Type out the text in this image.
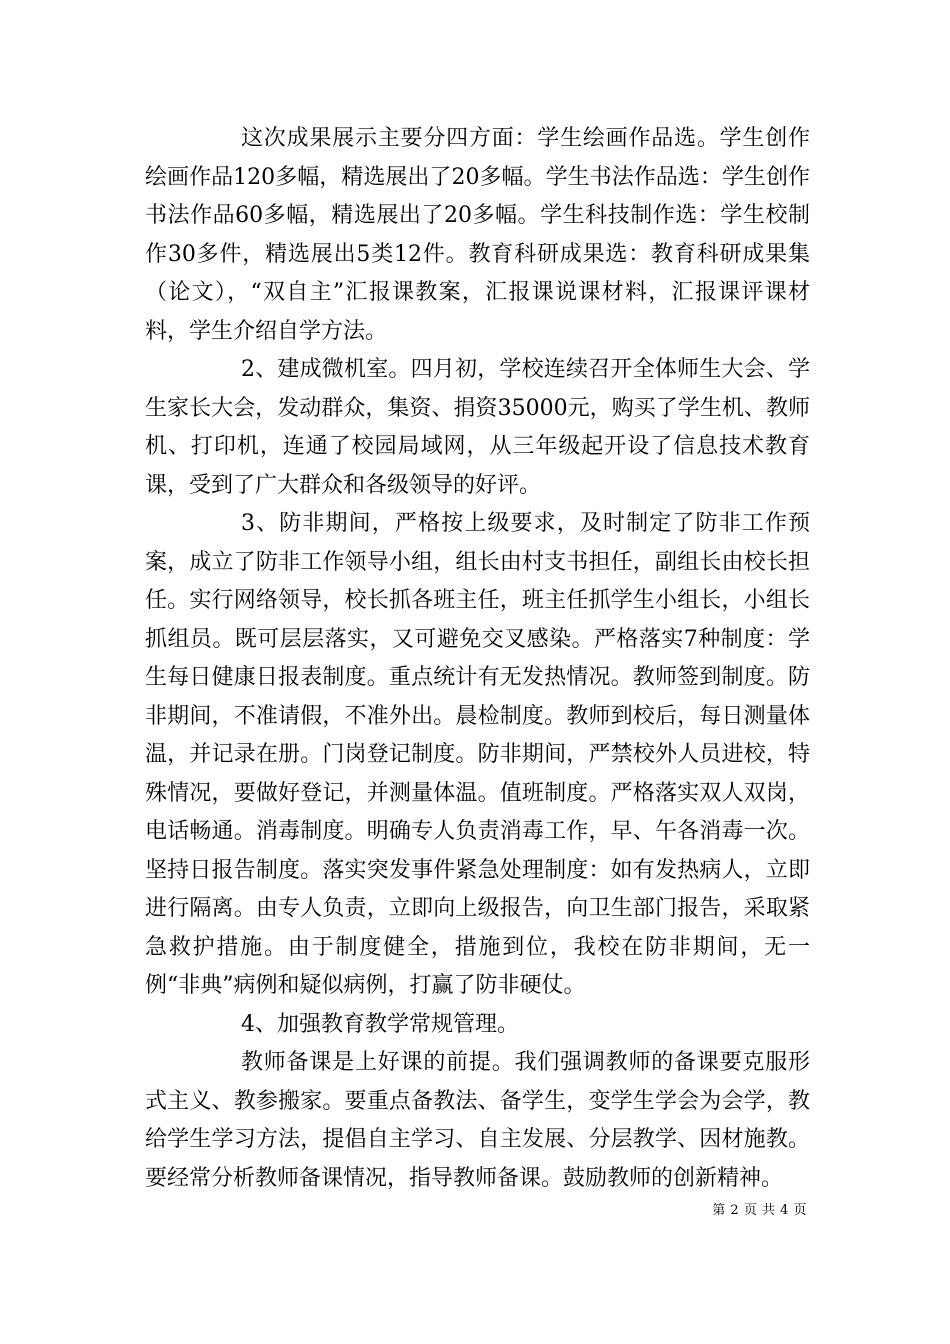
这次成果展示主要分四方面：学生绘画作品选。学生创作绘画作品120多幅，精选展出了20多幅。学生书法作品选：学生创作书法作品60多幅，精选展出了20多幅。学生科技制作选：学生校制作30多件，精选展出5类12件。教育科研成果选：教育科研成果集（论文），“双自主”汇报课教案，汇报课说课材料，汇报课评课材料，学生介绍自学方法。

2、建成微机室。四月初，学校连续召开全体师生大会、学生家长大会，发动群众，集资、捐资35000元，购买了学生机、教师机、打印机，连通了校园局域网，从三年级起开设了信息技术教育课，受到了广大群众和各级领导的好评。

3、防非期间，严格按上级要求，及时制定了防非工作预案，成立了防非工作领导小组，组长由村支书担任，副组长由校长担任。实行网络领导，校长抓各班主任，班主任抓学生小组长，小组长抓组员。既可层层落实，又可避免交叉感染。严格落实7种制度：学生每日健康日报表制度。重点统计有无发热情况。教师签到制度。防非期间，不准请假，不准外出。晨检制度。教师到校后，每日测量体温，并记录在册。门岗登记制度。防非期间，严禁校外人员进校，特殊情况，要做好登记，并测量体温。值班制度。严格落实双人双岗，电话畅通。消毒制度。明确专人负责消毒工作，早、午各消毒一次。坚持日报告制度。落实突发事件紧急处理制度：如有发热病人，立即进行隔离。由专人负责，立即向上级报告，向卫生部门报告，采取紧急救护措施。由于制度健全，措施到位，我校在防非期间，无一例“非典”病例和疑似病例，打赢了防非硬仗。

4、加强教育教学常规管理。

教师备课是上好课的前提。我们强调教师的备课要克服形式主义、教参搬家。要重点备教法、备学生，变学生学会为会学，教给学生学习方法，提倡自主学习、自主发展、分层教学、因材施教。要经常分析教师备课情况，指导教师备课。鼓励教师的创新精神。

第 2 页 共 4 页
